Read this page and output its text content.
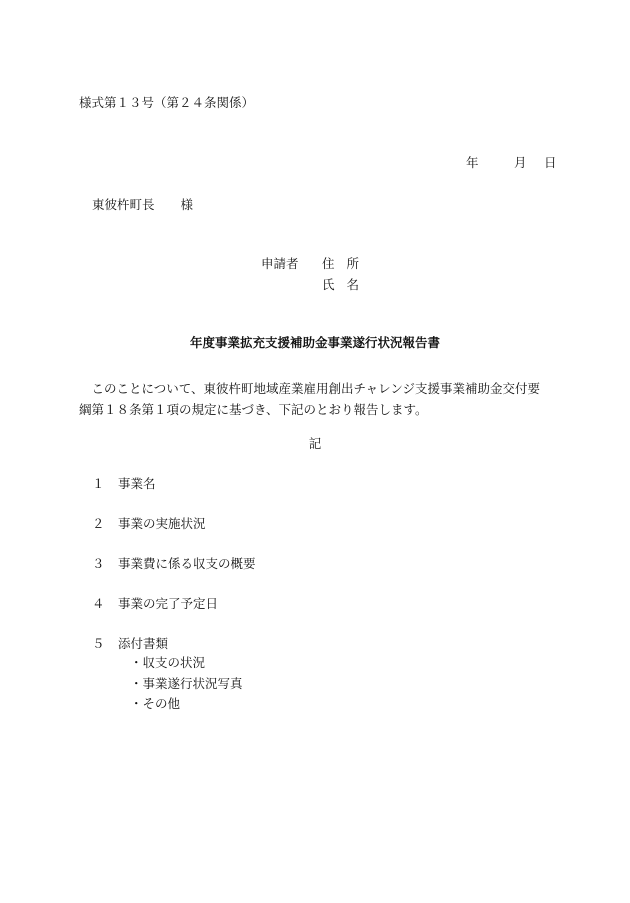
様式第１３号（第２４条関係）
年	月 日
東彼杵町長 様
申請者 住所
氏名
年度事業拡充支援補助金事業遂行状況報告書
このことについて、東彼杵町地域産業雇用創出チャレンジ支援事業補助金交付要綱第１８条第１項の規定に基づき、下記のとおり報告します。
記
１ 事業名
２ 事業の実施状況
３ 事業費に係る収支の概要
４ 事業の完了予定日
５ 添付書類
・収支の状況
・事業遂行状況写真
・その他
